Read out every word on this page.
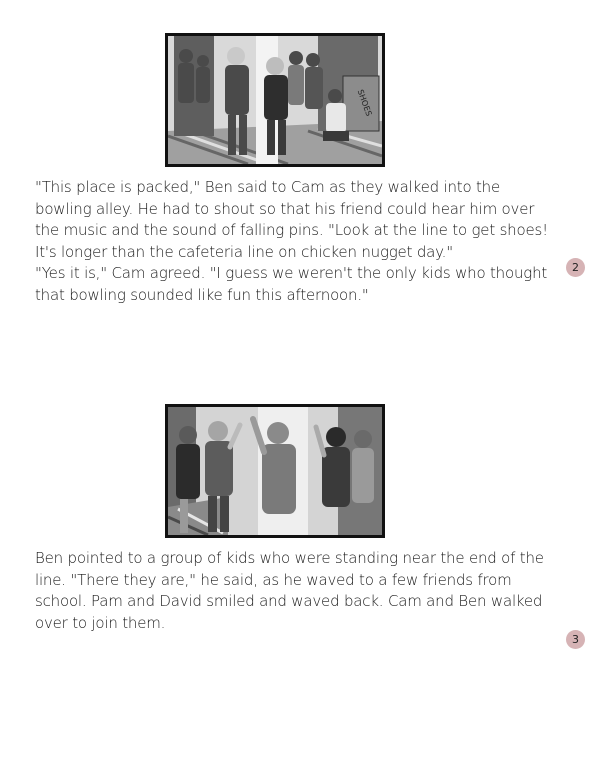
SHOES

"This place is packed," Ben said to Cam as they walked into the bowling alley. He had to shout so that his friend could hear him over the music and the sound of falling pins. "Look at the line to get shoes! It's longer than the cafeteria line on chicken nugget day."

"Yes it is," Cam agreed. "I guess we weren't the only kids who thought that bowling sounded like fun this afternoon."

2

Ben pointed to a group of kids who were standing near the end of the line. "There they are," he said, as he waved to a few friends from school. Pam and David smiled and waved back. Cam and Ben walked over to join them.

3
